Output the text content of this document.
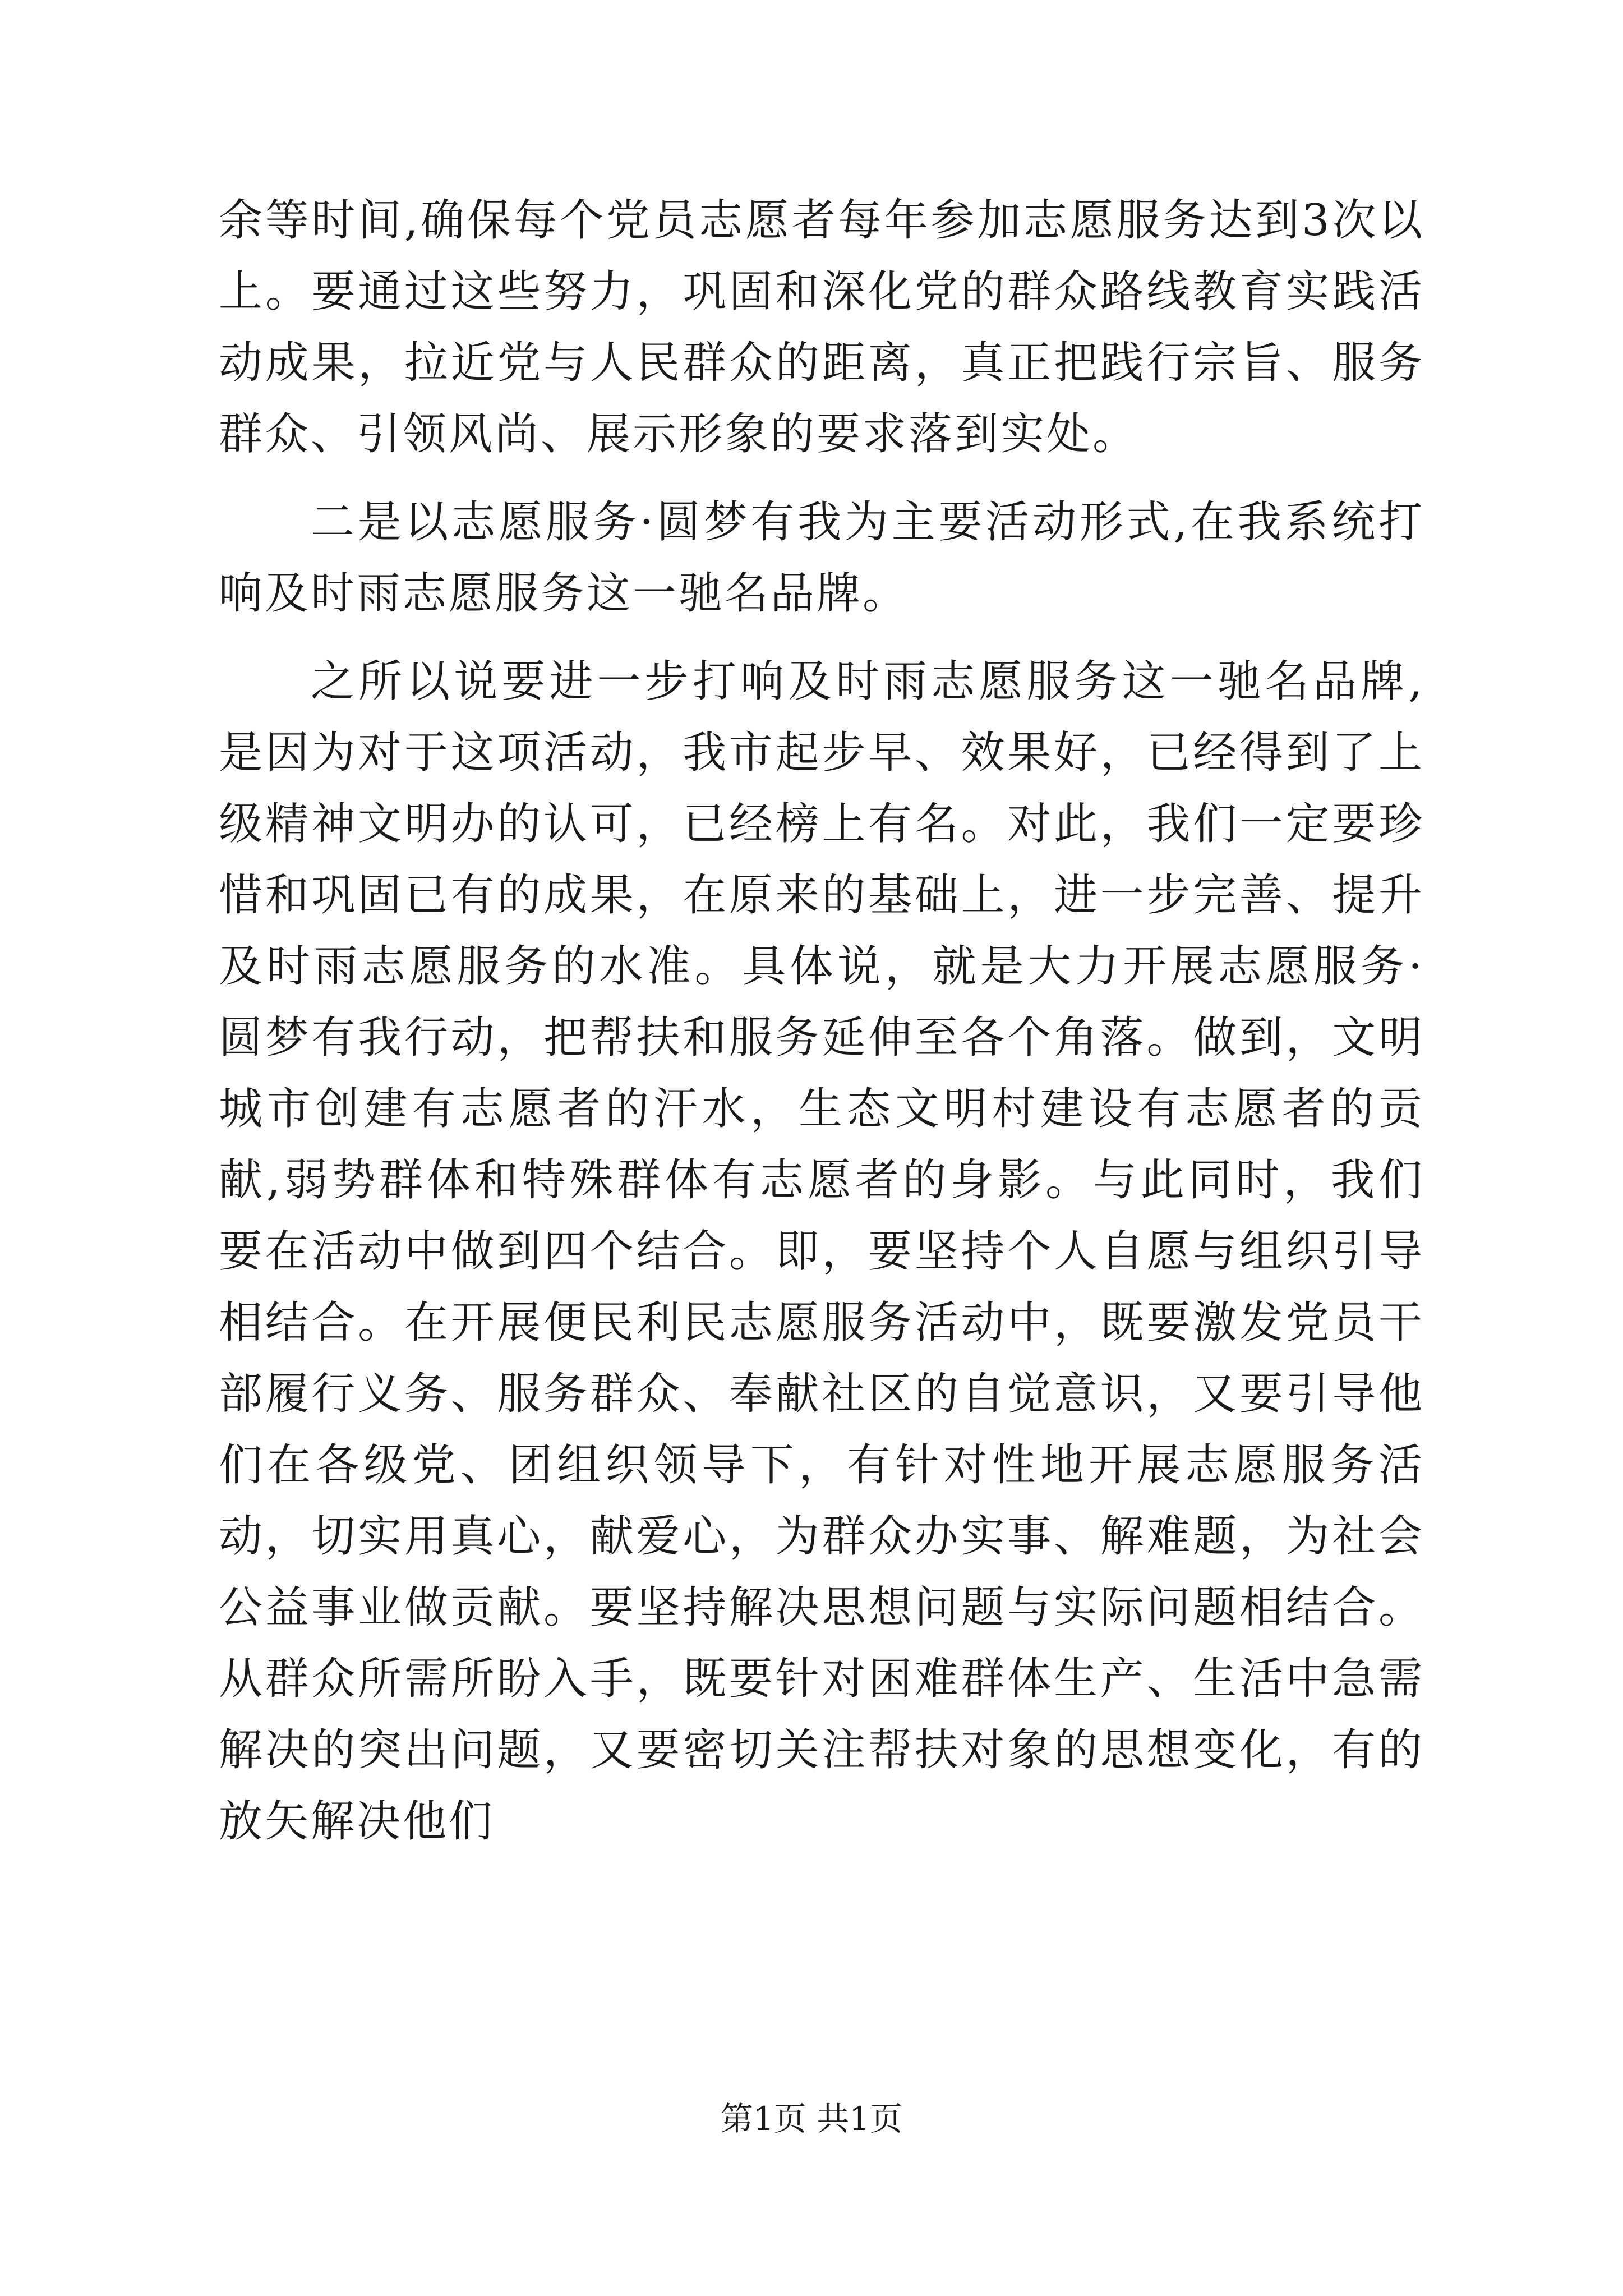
余等时间,确保每个党员志愿者每年参加志愿服务达到3次以上。要通过这些努力，巩固和深化党的群众路线教育实践活动成果，拉近党与人民群众的距离，真正把践行宗旨、服务群众、引领风尚、展示形象的要求落到实处。

二是以志愿服务·圆梦有我为主要活动形式,在我系统打响及时雨志愿服务这一驰名品牌。

之所以说要进一步打响及时雨志愿服务这一驰名品牌,是因为对于这项活动，我市起步早、效果好，已经得到了上级精神文明办的认可，已经榜上有名。对此，我们一定要珍惜和巩固已有的成果，在原来的基础上，进一步完善、提升及时雨志愿服务的水准。具体说，就是大力开展志愿服务·圆梦有我行动，把帮扶和服务延伸至各个角落。做到，文明城市创建有志愿者的汗水，生态文明村建设有志愿者的贡献,弱势群体和特殊群体有志愿者的身影。与此同时，我们要在活动中做到四个结合。即，要坚持个人自愿与组织引导相结合。在开展便民利民志愿服务活动中，既要激发党员干部履行义务、服务群众、奉献社区的自觉意识，又要引导他们在各级党、团组织领导下，有针对性地开展志愿服务活动，切实用真心，献爱心，为群众办实事、解难题，为社会公益事业做贡献。要坚持解决思想问题与实际问题相结合。从群众所需所盼入手，既要针对困难群体生产、生活中急需解决的突出问题，又要密切关注帮扶对象的思想变化，有的放矢解决他们

第1页 共1页
